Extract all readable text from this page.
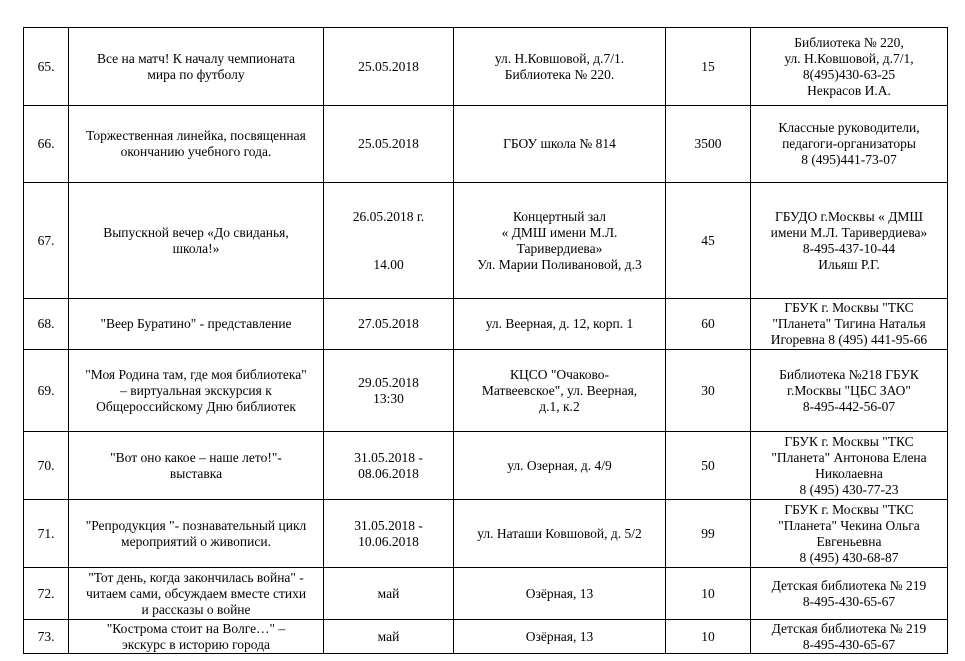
65.	Все на матч! К началу чемпионата
мира по футболу	25.05.2018	ул. Н.Ковшовой, д.7/1.
Библиотека № 220.	15	Библиотека № 220,
ул. Н.Ковшовой, д.7/1,
8(495)430-63-25
Некрасов И.А.
66.	Торжественная линейка, посвященная
окончанию учебного года.	25.05.2018	ГБОУ школа № 814	3500	Классные руководители,
педагоги-организаторы
8 (495)441-73-07
67.	Выпускной вечер «До свиданья,
школа!»	26.05.2018 г.

14.00	Концертный зал
« ДМШ имени М.Л.
Таривердиева»
Ул. Марии Поливановой, д.3	45	ГБУДО г.Москвы « ДМШ
имени М.Л. Таривердиева»
8-495-437-10-44
Ильяш Р.Г.
68.	"Веер Буратино" - представление	27.05.2018	ул. Веерная, д. 12, корп. 1	60	ГБУК г. Москвы "ТКС
"Планета" Тигина Наталья
Игоревна 8 (495) 441-95-66
69.	"Моя Родина там, где моя библиотека"
– виртуальная экскурсия к
Общероссийскому Дню библиотек	29.05.2018
13:30	КЦСО "Очаково-
Матвеевское", ул. Веерная,
д.1, к.2	30	Библиотека №218 ГБУК
г.Москвы "ЦБС ЗАО"
8-495-442-56-07
70.	"Вот оно какое – наше лето!"-
выставка	31.05.2018 -
08.06.2018	ул. Озерная, д. 4/9	50	ГБУК г. Москвы "ТКС
"Планета" Антонова Елена
Николаевна
8 (495) 430-77-23
71.	"Репродукция "- познавательный цикл
мероприятий о живописи.	31.05.2018 -
10.06.2018	ул. Наташи Ковшовой, д. 5/2	99	ГБУК г. Москвы "ТКС
"Планета" Чекина Ольга
Евгеньевна
8 (495) 430-68-87
72.	"Тот день, когда закончилась война" -
читаем сами, обсуждаем вместе стихи
и рассказы о войне	май	Озёрная, 13	10	Детская библиотека № 219
8-495-430-65-67
73.	"Кострома стоит на Волге…" –
экскурс в историю города	май	Озёрная, 13	10	Детская библиотека № 219
8-495-430-65-67
